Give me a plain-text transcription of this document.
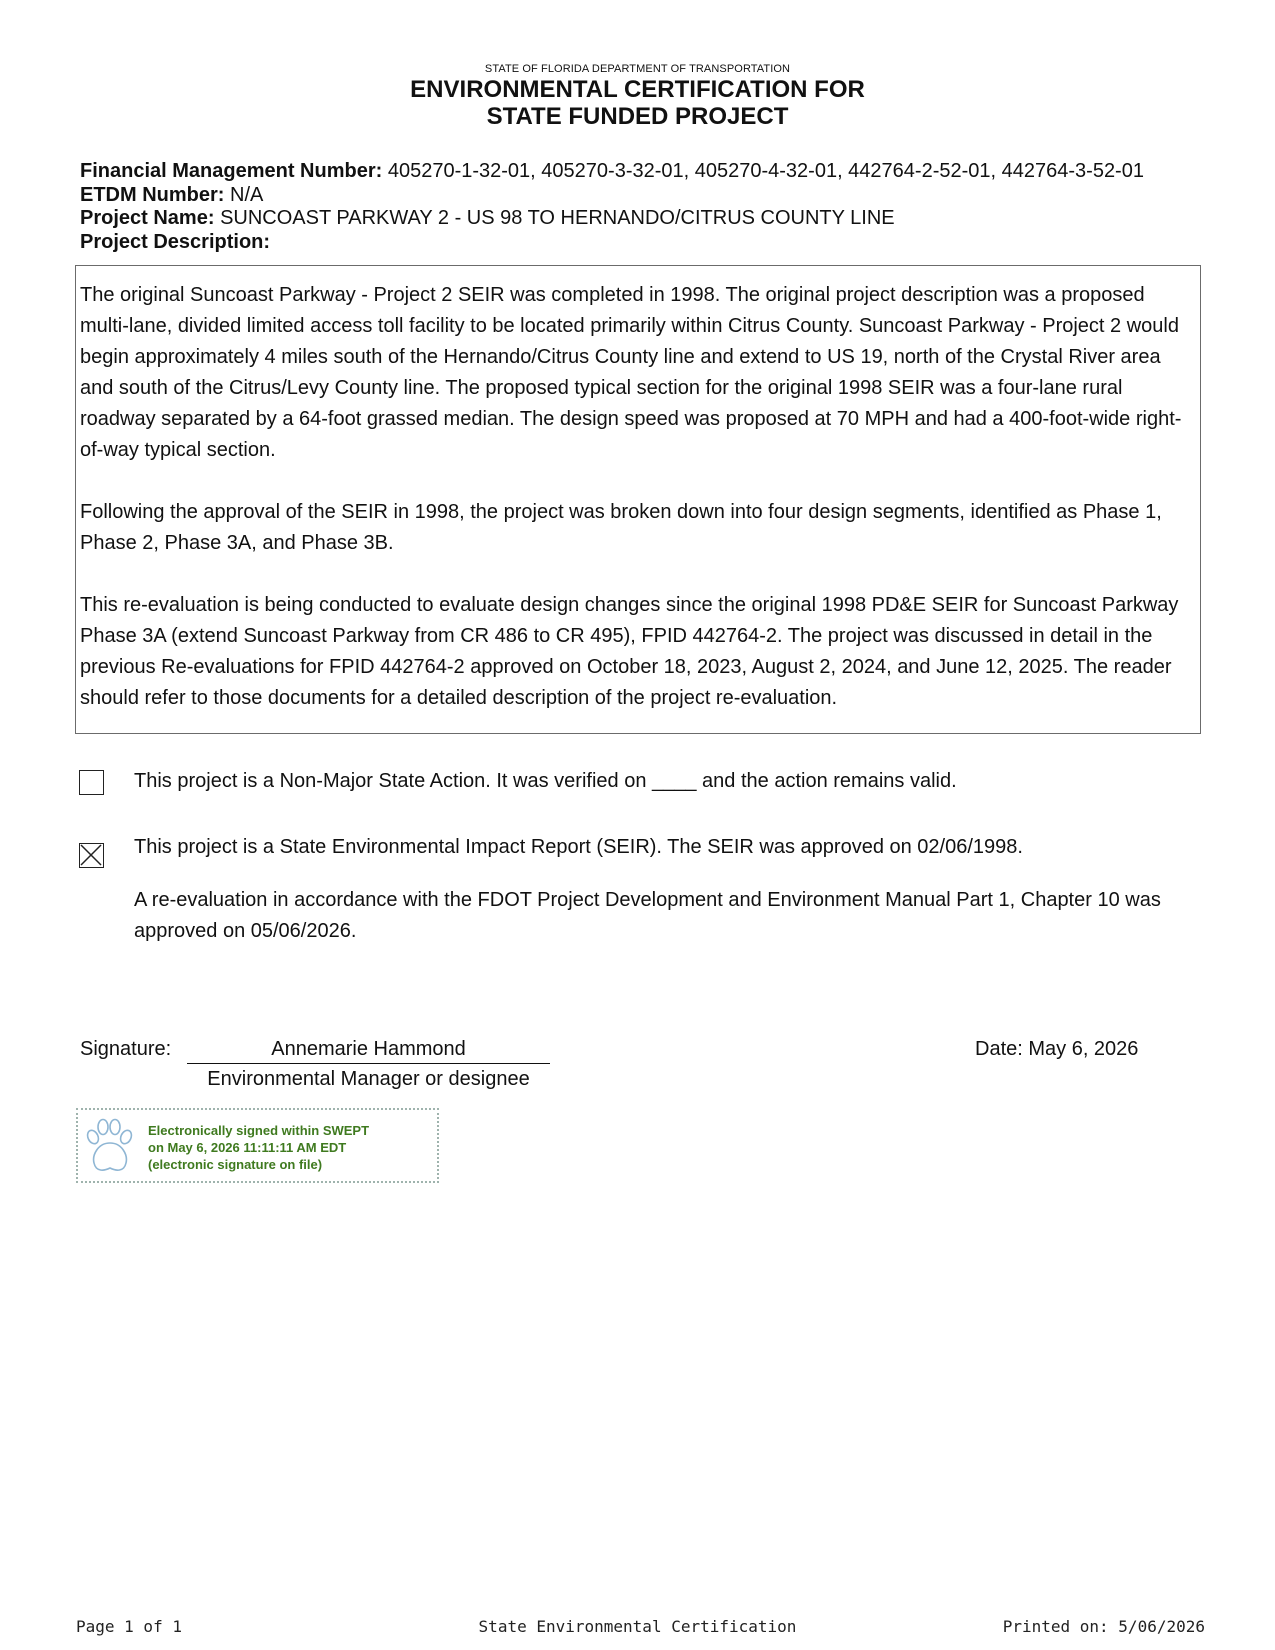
STATE OF FLORIDA DEPARTMENT OF TRANSPORTATION
ENVIRONMENTAL CERTIFICATION FOR
STATE FUNDED PROJECT
Financial Management Number: 405270-1-32-01, 405270-3-32-01, 405270-4-32-01, 442764-2-52-01, 442764-3-52-01
ETDM Number: N/A
Project Name: SUNCOAST PARKWAY 2 - US 98 TO HERNANDO/CITRUS COUNTY LINE
Project Description:

The original Suncoast Parkway - Project 2 SEIR was completed in 1998. The original project description was a proposed multi-lane, divided limited access toll facility to be located primarily within Citrus County. Suncoast Parkway - Project 2 would begin approximately 4 miles south of the Hernando/Citrus County line and extend to US 19, north of the Crystal River area and south of the Citrus/Levy County line. The proposed typical section for the original 1998 SEIR was a four-lane rural roadway separated by a 64-foot grassed median. The design speed was proposed at 70 MPH and had a 400-foot-wide right-of-way typical section.

Following the approval of the SEIR in 1998, the project was broken down into four design segments, identified as Phase 1, Phase 2, Phase 3A, and Phase 3B.

This re-evaluation is being conducted to evaluate design changes since the original 1998 PD&E SEIR for Suncoast Parkway Phase 3A (extend Suncoast Parkway from CR 486 to CR 495), FPID 442764-2. The project was discussed in detail in the previous Re-evaluations for FPID 442764-2 approved on October 18, 2023, August 2, 2024, and June 12, 2025. The reader should refer to those documents for a detailed description of the project re-evaluation.

This project is a Non-Major State Action. It was verified on ____ and the action remains valid.
This project is a State Environmental Impact Report (SEIR). The SEIR was approved on 02/06/1998.
A re-evaluation in accordance with the FDOT Project Development and Environment Manual Part 1, Chapter 10 was approved on 05/06/2026.
Signature:	Annemarie Hammond
Environmental Manager or designee
Date: May 6, 2026
Electronically signed within SWEPT
on May 6, 2026 11:11:11 AM EDT
(electronic signature on file)
Page 1 of 1	State Environmental Certification	Printed on: 5/06/2026
